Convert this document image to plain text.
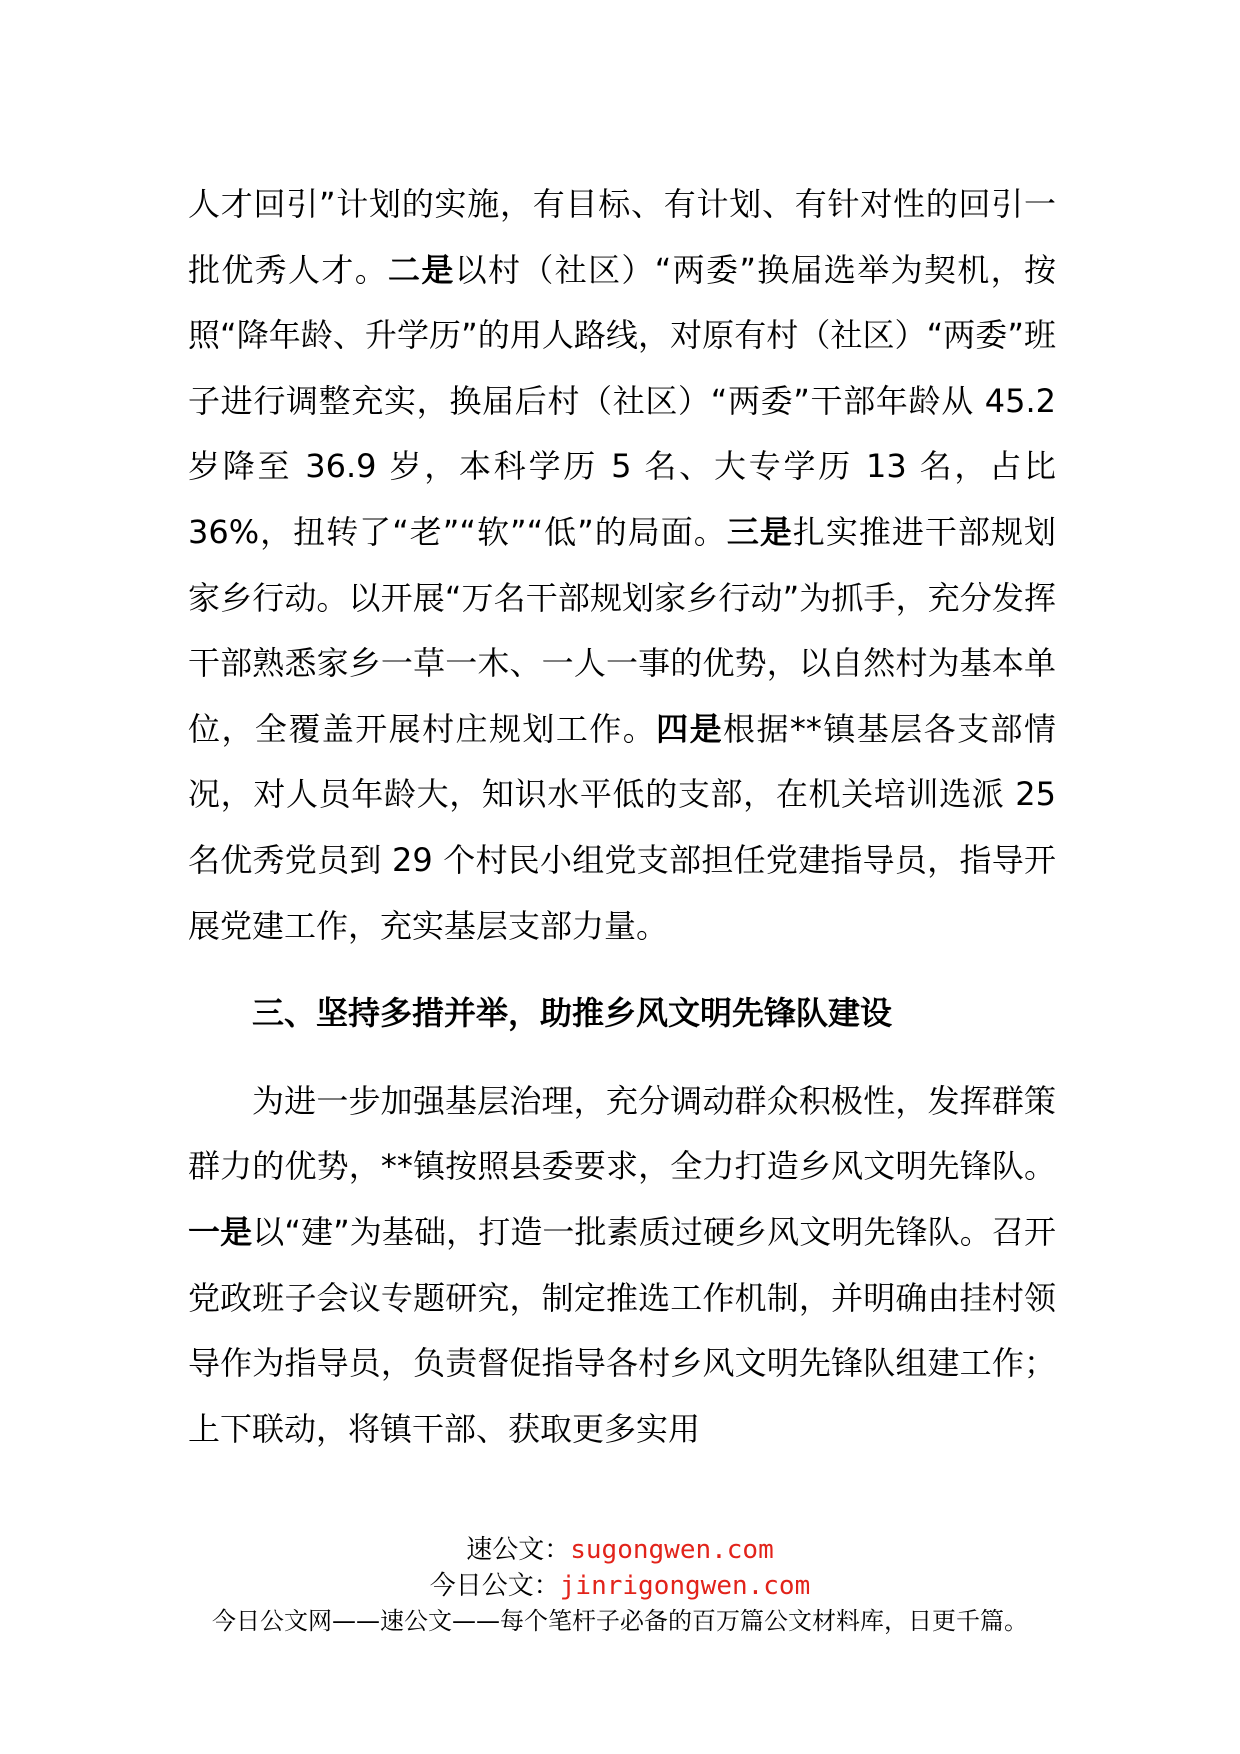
人才回引”计划的实施，有目标、有计划、有针对性的回引一批优秀人才。二是以村（社区）“两委”换届选举为契机，按照“降年龄、升学历”的用人路线，对原有村（社区）“两委”班子进行调整充实，换届后村（社区）“两委”干部年龄从 45.2 岁降至 36.9 岁，本科学历 5 名、大专学历 13 名，占比 36%，扭转了“老”“软”“低”的局面。三是扎实推进干部规划家乡行动。以开展“万名干部规划家乡行动”为抓手，充分发挥干部熟悉家乡一草一木、一人一事的优势，以自然村为基本单位，全覆盖开展村庄规划工作。四是根据**镇基层各支部情况，对人员年龄大，知识水平低的支部，在机关培训选派 25 名优秀党员到 29 个村民小组党支部担任党建指导员，指导开展党建工作，充实基层支部力量。

三、坚持多措并举，助推乡风文明先锋队建设

为进一步加强基层治理，充分调动群众积极性，发挥群策群力的优势，**镇按照县委要求，全力打造乡风文明先锋队。一是以“建”为基础，打造一批素质过硬乡风文明先锋队。召开党政班子会议专题研究，制定推选工作机制，并明确由挂村领导作为指导员，负责督促指导各村乡风文明先锋队组建工作；上下联动，将镇干部、获取更多实用

速公文：sugongwen.com
今日公文：jinrigongwen.com
今日公文网——速公文——每个笔杆子必备的百万篇公文材料库，日更千篇。
